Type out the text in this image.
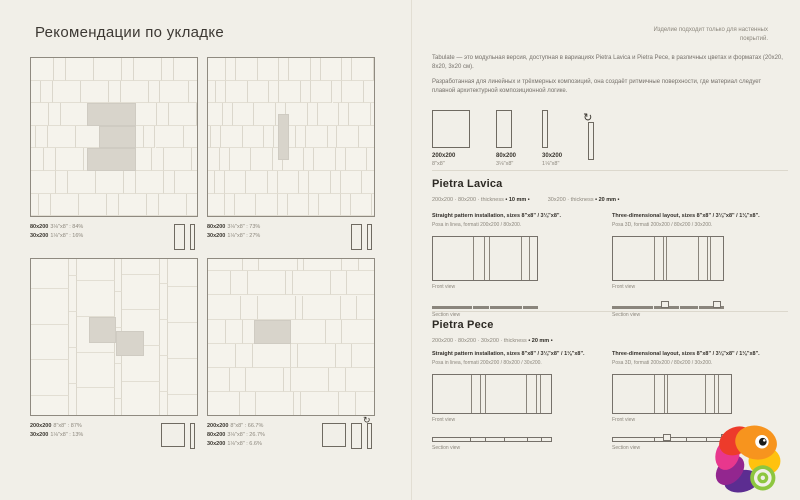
Рекомендации по укладке	Изделие подходит только для настенных покрытий.
80x200 3⅛"x8" : 84%
30x200 1⅛"x8" : 16%
80x200 3⅛"x8" : 73%
30x200 1⅛"x8" : 27%
200x200 8"x8" : 87%
30x200 1⅛"x8" : 13%
200x200 8"x8" : 66.7%
80x200 3⅛"x8" : 26.7%
30x200 1⅛"x8" : 6.6%
↻
Tabulate — это модульная версия, доступная в вариациях Pietra Lavica и Pietra Pece, в различных цветах и форматах (20x20, 8x20, 3x20 см).
Разработанная для линейных и трёхмерных композиций, она создаёт ритмичные поверхности, где материал следует плавной архитектурной композиционной логике.
200x200
8"x8"
80x200
3⅛"x8"
30x200
1⅛"x8"
↻
Pietra Lavica
200x200 · 80x200 · thickness • 10 mm •	30x200 · thickness • 20 mm •
Straight pattern installation, sizes 8"x8" / 3⅛"x8".
Posa in linea, formati 200x200 / 80x200.
Front view
Section view
Three-dimensional layout, sizes 8"x8" / 3⅛"x8" / 1⅛"x8".
Posa 3D, formati 200x200 / 80x200 / 30x200.
Front view
Section view
Pietra Pece
200x200 · 80x200 · 30x200 · thickness • 20 mm •
Straight pattern installation, sizes 8"x8" / 3⅛"x8" / 1⅛"x8".
Posa in linea, formati 200x200 / 80x200 / 30x200.
Front view
Section view
Three-dimensional layout, sizes 8"x8" / 3⅛"x8" / 1⅛"x8".
Posa 3D, formati 200x200 / 80x200 / 30x200.
Front view
Section view
